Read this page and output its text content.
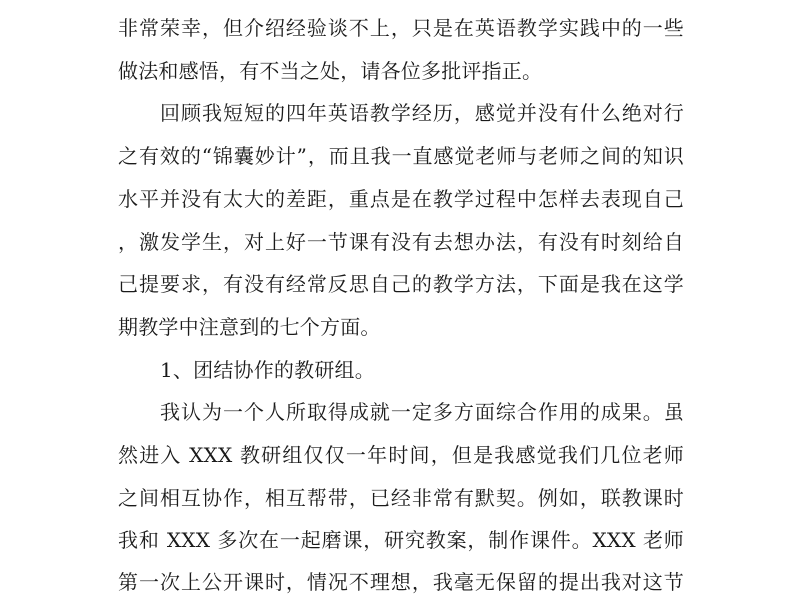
非常荣幸，但介绍经验谈不上，只是在英语教学实践中的一些

做法和感悟，有不当之处，请各位多批评指正。

回顾我短短的四年英语教学经历，感觉并没有什么绝对行

之有效的“锦囊妙计”，而且我一直感觉老师与老师之间的知识

水平并没有太大的差距，重点是在教学过程中怎样去表现自己

，激发学生，对上好一节课有没有去想办法，有没有时刻给自

己提要求，有没有经常反思自己的教学方法，下面是我在这学

期教学中注意到的七个方面。

1、团结协作的教研组。

我认为一个人所取得成就一定多方面综合作用的成果。虽

然进入 XXX 教研组仅仅一年时间，但是我感觉我们几位老师

之间相互协作，相互帮带，已经非常有默契。例如，联教课时

我和 XXX 多次在一起磨课，研究教案，制作课件。XXX 老师

第一次上公开课时，情况不理想，我毫无保留的提出我对这节
